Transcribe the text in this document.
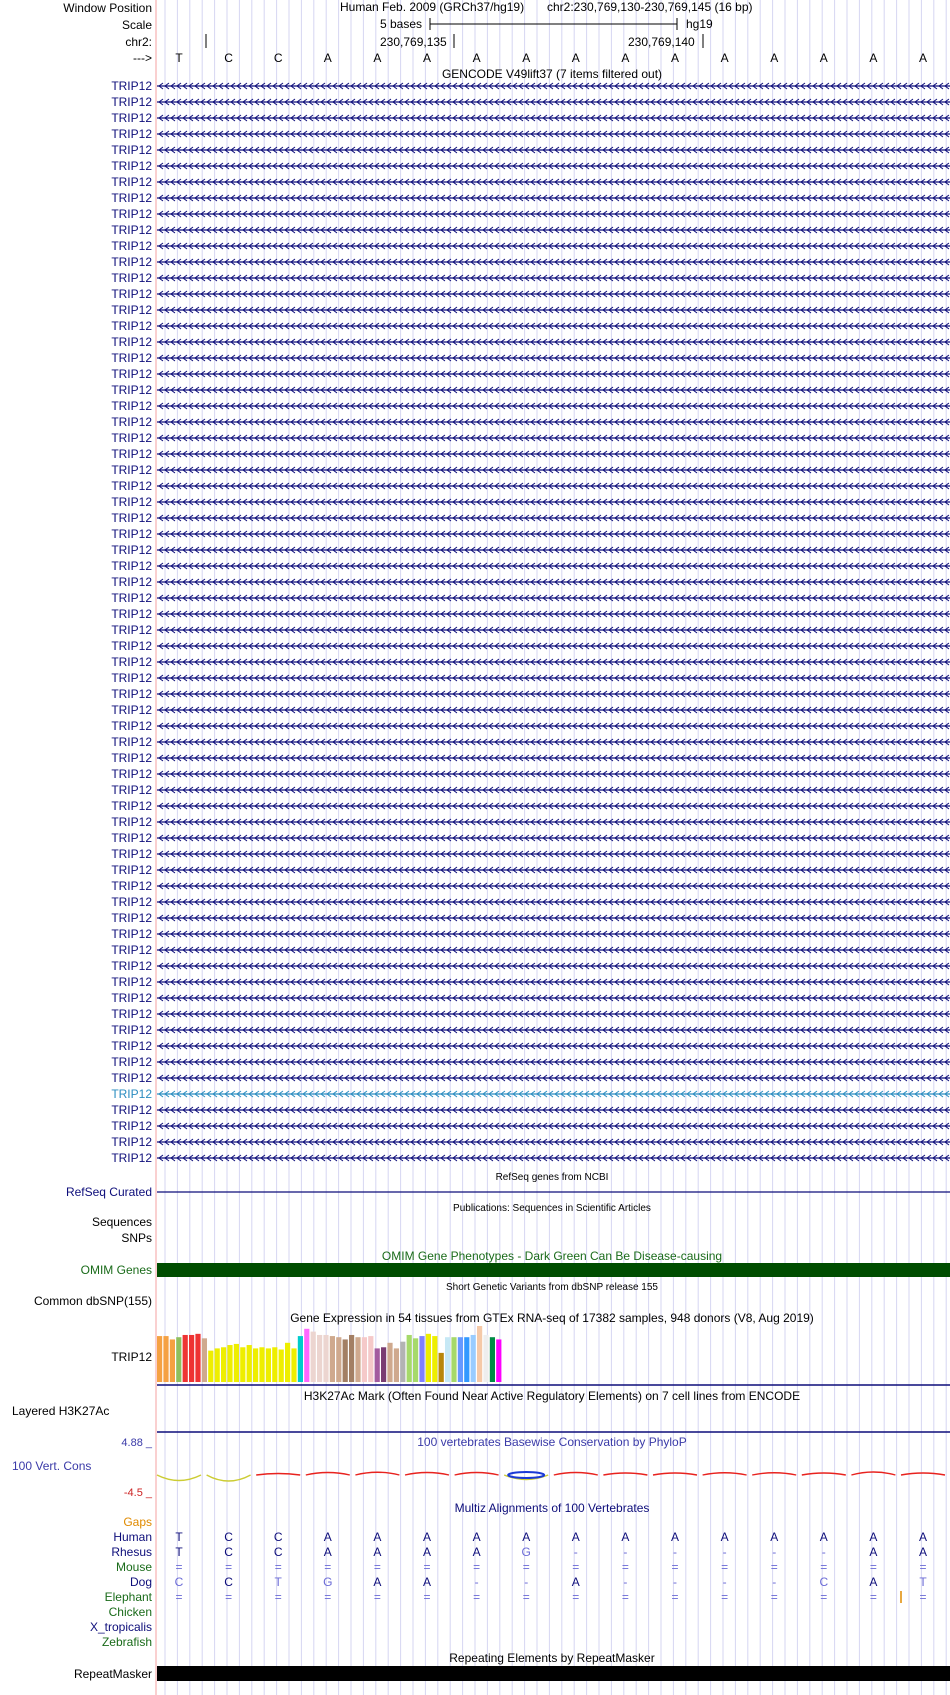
Window Position	Human Feb. 2009 (GRCh37/hg19) chr2:230,769,130-230,769,145 (16 bp)
Scale	5 bases	hg19
chr2:	230,769,135	230,769,140
---> T	C	C	A	A	A	A	A	A	A	A	A	A	A	A	A
GENCODE V49lift37 (7 items filtered out)
TRIP12
TRIP12
TRIP12
TRIP12
TRIP12
TRIP12
TRIP12
TRIP12
TRIP12
TRIP12
TRIP12
TRIP12
TRIP12
TRIP12
TRIP12
TRIP12
TRIP12
TRIP12
TRIP12
TRIP12
TRIP12
TRIP12
TRIP12
TRIP12
TRIP12
TRIP12
TRIP12
TRIP12
TRIP12
TRIP12
TRIP12
TRIP12
TRIP12
TRIP12
TRIP12
TRIP12
TRIP12
TRIP12
TRIP12
TRIP12
TRIP12
TRIP12
TRIP12
TRIP12
TRIP12
TRIP12
TRIP12
TRIP12
TRIP12
TRIP12
TRIP12
TRIP12
TRIP12
TRIP12
TRIP12
TRIP12
TRIP12
TRIP12
TRIP12
TRIP12
TRIP12
TRIP12
TRIP12
TRIP12
TRIP12
TRIP12
TRIP12
TRIP12
RefSeq genes from NCBI
RefSeq Curated
Publications: Sequences in Scientific Articles
Sequences
SNPs
OMIM Gene Phenotypes - Dark Green Can Be Disease-causing
OMIM Genes
Short Genetic Variants from dbSNP release 155
Common dbSNP(155)
Gene Expression in 54 tissues from GTEx RNA-seq of 17382 samples, 948 donors (V8, Aug 2019)
TRIP12
H3K27Ac Mark (Often Found Near Active Regulatory Elements) on 7 cell lines from ENCODE
Layered H3K27Ac
100 vertebrates Basewise Conservation by PhyloP
4.88 _
100 Vert. Cons
-4.5 _
Multiz Alignments of 100 Vertebrates
Gaps
Human T	C	C	A	A	A	A	A	A	A	A	A	A	A	A	A
Rhesus T	C	C	A	A	A	A	G	-	-	-	-	-	-	A	A
Mouse =	=	=	=	=	=	=	=	=	=	=	=	=	=	=	=
Dog C	C	T	G	A	A	-	-	A	-	-	-	-	C	A	T
Elephant =	=	=	=	=	=	=	=	=	=	=	=	=	=	=	=
Chicken
X_tropicalis
Zebrafish
Repeating Elements by RepeatMasker
RepeatMasker
